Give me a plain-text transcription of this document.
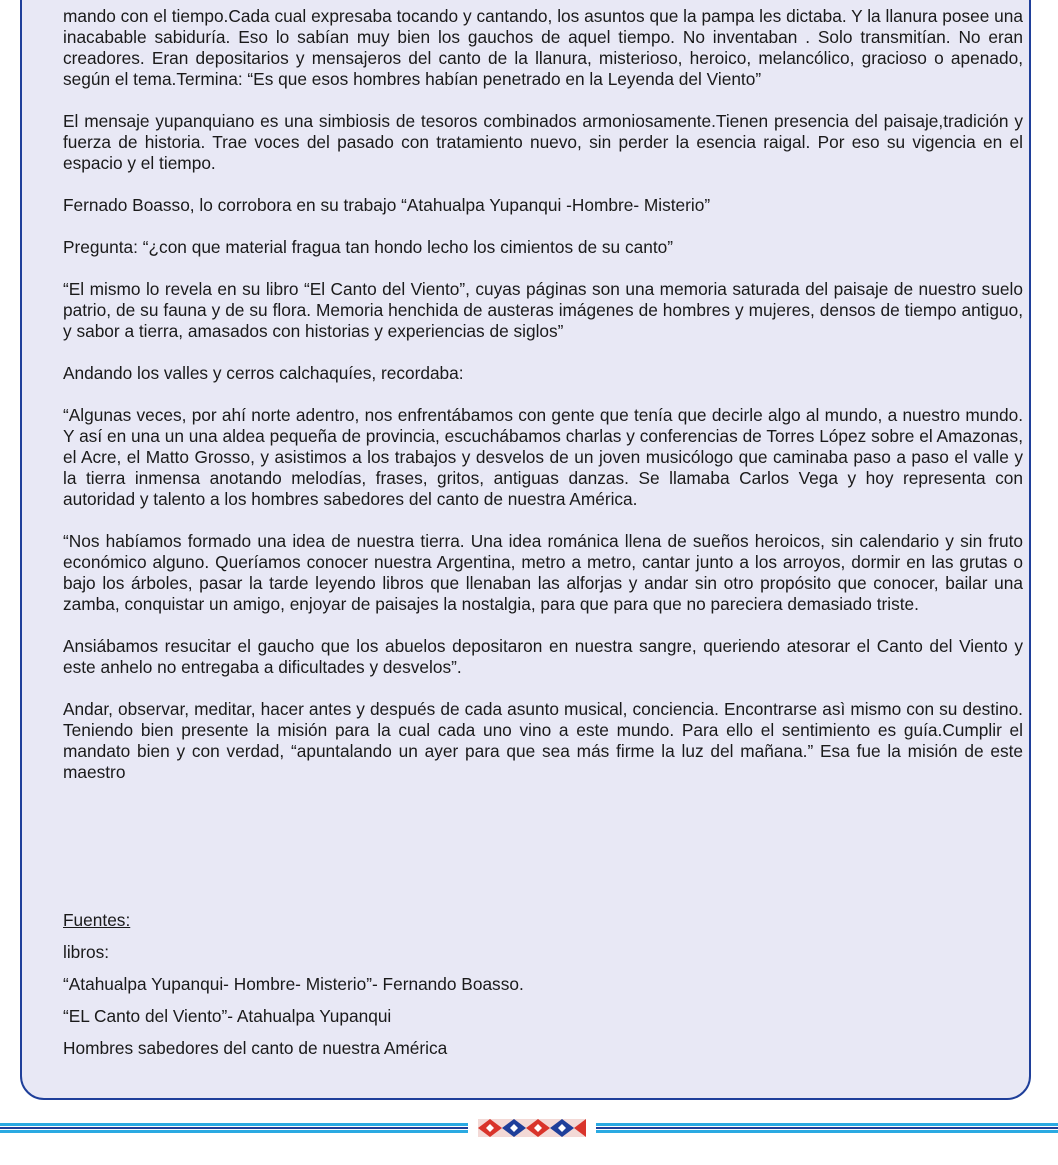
mando con el tiempo.Cada cual expresaba tocando y cantando, los asuntos que la pampa les dictaba. Y la llanura posee una inacabable sabiduría. Eso lo sabían muy bien los gauchos de aquel tiempo. No inventaban . Solo transmitían. No eran creadores. Eran depositarios y mensajeros del canto de la llanura, misterioso, heroico, melancólico, gracioso o apenado, según el tema.Termina: “Es que esos hombres habían penetrado en la Leyenda del Viento”

El mensaje yupanquiano es una simbiosis de tesoros combinados armoniosamente.Tienen presencia del paisaje,tradición y fuerza de historia. Trae voces del pasado con tratamiento nuevo, sin perder la esencia raigal. Por eso su vigencia en el espacio y el tiempo.

Fernado Boasso, lo corrobora en su trabajo “Atahualpa Yupanqui -Hombre- Misterio”

Pregunta: “¿con que material fragua tan hondo lecho los cimientos de su canto”

“El mismo lo revela en su libro “El Canto del Viento”, cuyas páginas son una memoria saturada del paisaje de nuestro suelo patrio, de su fauna y de su flora. Memoria henchida de austeras imágenes de hombres y mujeres, densos de tiempo antiguo, y sabor a tierra, amasados con historias y experiencias de siglos”

Andando los valles y cerros calchaquíes, recordaba:

“Algunas veces, por ahí norte adentro, nos enfrentábamos con gente que tenía que decirle algo al mundo, a nuestro mundo. Y así en una un una aldea pequeña de provincia, escuchábamos charlas y conferencias de Torres López sobre el Amazonas, el Acre, el Matto Grosso, y asistimos a los trabajos y desvelos de un joven musicólogo que caminaba paso a paso el valle y la tierra inmensa anotando melodías, frases, gritos, antiguas danzas. Se llamaba Carlos Vega y hoy representa con autoridad y talento a los hombres sabedores del canto de nuestra América.

“Nos habíamos formado una idea de nuestra tierra. Una idea románica llena de sueños heroicos, sin calendario y sin fruto económico alguno. Queríamos conocer nuestra Argentina, metro a metro, cantar junto a los arroyos, dormir en las grutas o bajo los árboles, pasar la tarde leyendo libros que llenaban las alforjas y andar sin otro propósito que conocer, bailar una zamba, conquistar un amigo, enjoyar de paisajes la nostalgia, para que para que no pareciera demasiado triste.

Ansiábamos resucitar el gaucho que los abuelos depositaron en nuestra sangre, queriendo atesorar el Canto del Viento y este anhelo no entregaba a dificultades y desvelos”.

Andar, observar, meditar, hacer antes y después de cada asunto musical, conciencia. Encontrarse asì mismo con su destino. Teniendo bien presente la misión para la cual cada uno vino a este mundo. Para ello el sentimiento es guía.Cumplir el mandato bien y con verdad, “apuntalando un ayer para que sea más firme la luz del mañana.” Esa fue la misión de este maestro

Fuentes:
libros:
“Atahualpa Yupanqui- Hombre- Misterio”- Fernando Boasso.
“EL Canto del Viento”- Atahualpa Yupanqui
Hombres sabedores del canto de nuestra América
